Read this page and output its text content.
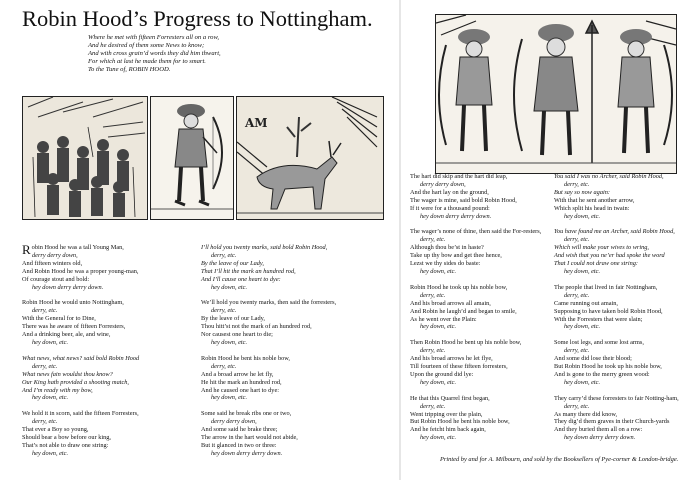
Robin Hood’s Progress to Nottingham.
Where he met with fifteen Forresters all on a row,
And he desired of them some News to know;
And with cross grain’d words they did him thwart,
For which at last he made them for to smart.
To the Tune of, ROBIN HOOD.
AM
Robin Hood he was a tall Young Man,
derry derry down,
And fifteen winters old,
And Robin Hood he was a proper young-man,
Of courage stout and bold:
hey down derry derry down.
Robin Hood he would unto Nottingham,
derry, etc.
With the General for to Dine,
There was he aware of fifteen Forresters,
And a drinking beer, ale, and wine,
hey down, etc.
What news, what news? said bold Robin Hood
derry, etc.
What news fain wouldst thou know?
Our King hath provided a shooting match,
And I’m ready with my bow,
hey down, etc.
We hold it in scorn, said the fifteen Forresters,
derry, etc.
That ever a Boy so young,
Should bear a bow before our king,
That’s not able to draw one string:
hey down, etc.
I’ll hold you twenty marks, said bold Robin Hood,
derry, etc.
By the leave of our Lady,
That I’ll hit the mark an hundred rod,
And I’ll cause one heart to dye:
hey down, etc.
We’ll hold you twenty marks, then said the forresters,
derry, etc.
By the leave of our Lady,
Thou hitt’st not the mark of an hundred rod,
Nor causest one heart to die;
hey down, etc.
Robin Hood he bent his noble bow,
derry, etc.
And a broad arrow he let fly,
He hit the mark an hundred rod,
And he caused one hart to dye:
hey down, etc.
Some said he break ribs one or two,
derry derry down,
And some said he brake three;
The arrow in the hart would not abide,
But it glanced in two or three:
hey down derry derry down.
The hart did skip and the hart did leap,
derry derry down,
And the hart lay on the ground,
The wager is mine, said bold Robin Hood,
If it were for a thousand pound:
hey down derry derry down.
The wager’s none of thine, then said the For-resters,
derry, etc.
Although thou be’st in haste?
Take up thy bow and get thee hence,
Lezst we thy sides do baste:
hey down, etc.
Robin Hood he took up his noble bow,
derry, etc.
And his broad arrows all amain,
And Robin he laugh’d and began to smile,
As he went over the Plain:
hey down, etc.
Then Robin Hood he bent up his noble bow,
derry, etc.
And his broad arrows he let flye,
Till fourteen of these fifteen forresters,
Upon the ground did lye:
hey down, etc.
He that this Quarrel first began,
derry, etc.
Went tripping over the plain,
But Robin Hood he bent his noble bow,
And he fetcht him back again,
hey down, etc.
You said I was no Archer, said Robin Hood,
derry, etc.
But say so now again:
With that he sent another arrow,
Which split his head in twain:
hey down, etc.
You have found me an Archer, said Robin Hood,
derry, etc.
Which will make your wives to wring,
And wish that you ne’er had spoke the word
That I could not draw one string:
hey down, etc.
The people that lived in fair Nottingham,
derry, etc.
Came running out amain,
Supposing to have taken bold Robin Hood,
With the Forresters that were slain;
hey down, etc.
Some lost legs, and some lost arms,
derry, etc.
And some did lose their blood;
But Robin Hood he took up his noble bow,
And is gone to the merry green wood:
hey down, etc.
They carry’d these forresters to fair Notting-ham,
derry, etc.
As many there did know,
They dig’d them graves in their Church-yards
And they buried them all on a row:
hey down derry derry down.
Printed by and for A. Milbourn, and sold by the Booksellers of Pye-corner & London-bridge.
